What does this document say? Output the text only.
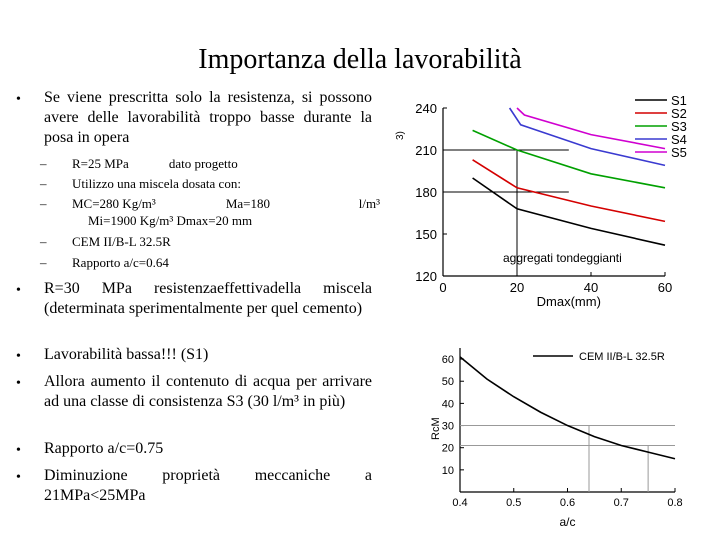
Importanza della lavorabilità
• Se viene prescritta solo la resistenza, si possono avere delle lavorabilità troppo basse durante la posa in opera
– R=25 MPa	dato progetto
– Utilizzo una miscela dosata con:
– MC=280 Kg/m³	Ma=180	l/m³
Mi=1900 Kg/m³ Dmax=20 mm
– CEM II/B-L 32.5R
– Rapporto a/c=0.64
• R=30 MPa resistenzaeffettivadella miscela (determinata sperimentalmente per quel cemento)
• Lavorabilità bassa!!! (S1)
• Allora aumento il contenuto di acqua per arrivare ad una classe di consistenza S3 (30 l/m³ in più)
• Rapporto a/c=0.75
• Diminuzione proprietà meccaniche a 21MPa<25MPa
120
150
180
210
240
0	20	40	60
S1
S2
S3
S4
S5
aggregati tondeggianti
Dmax(mm)
3)
10
20
30
40
50
60
0.4	0.5	0.6	0.7	0.8
CEM II/B-L 32.5R
a/c
RcM
